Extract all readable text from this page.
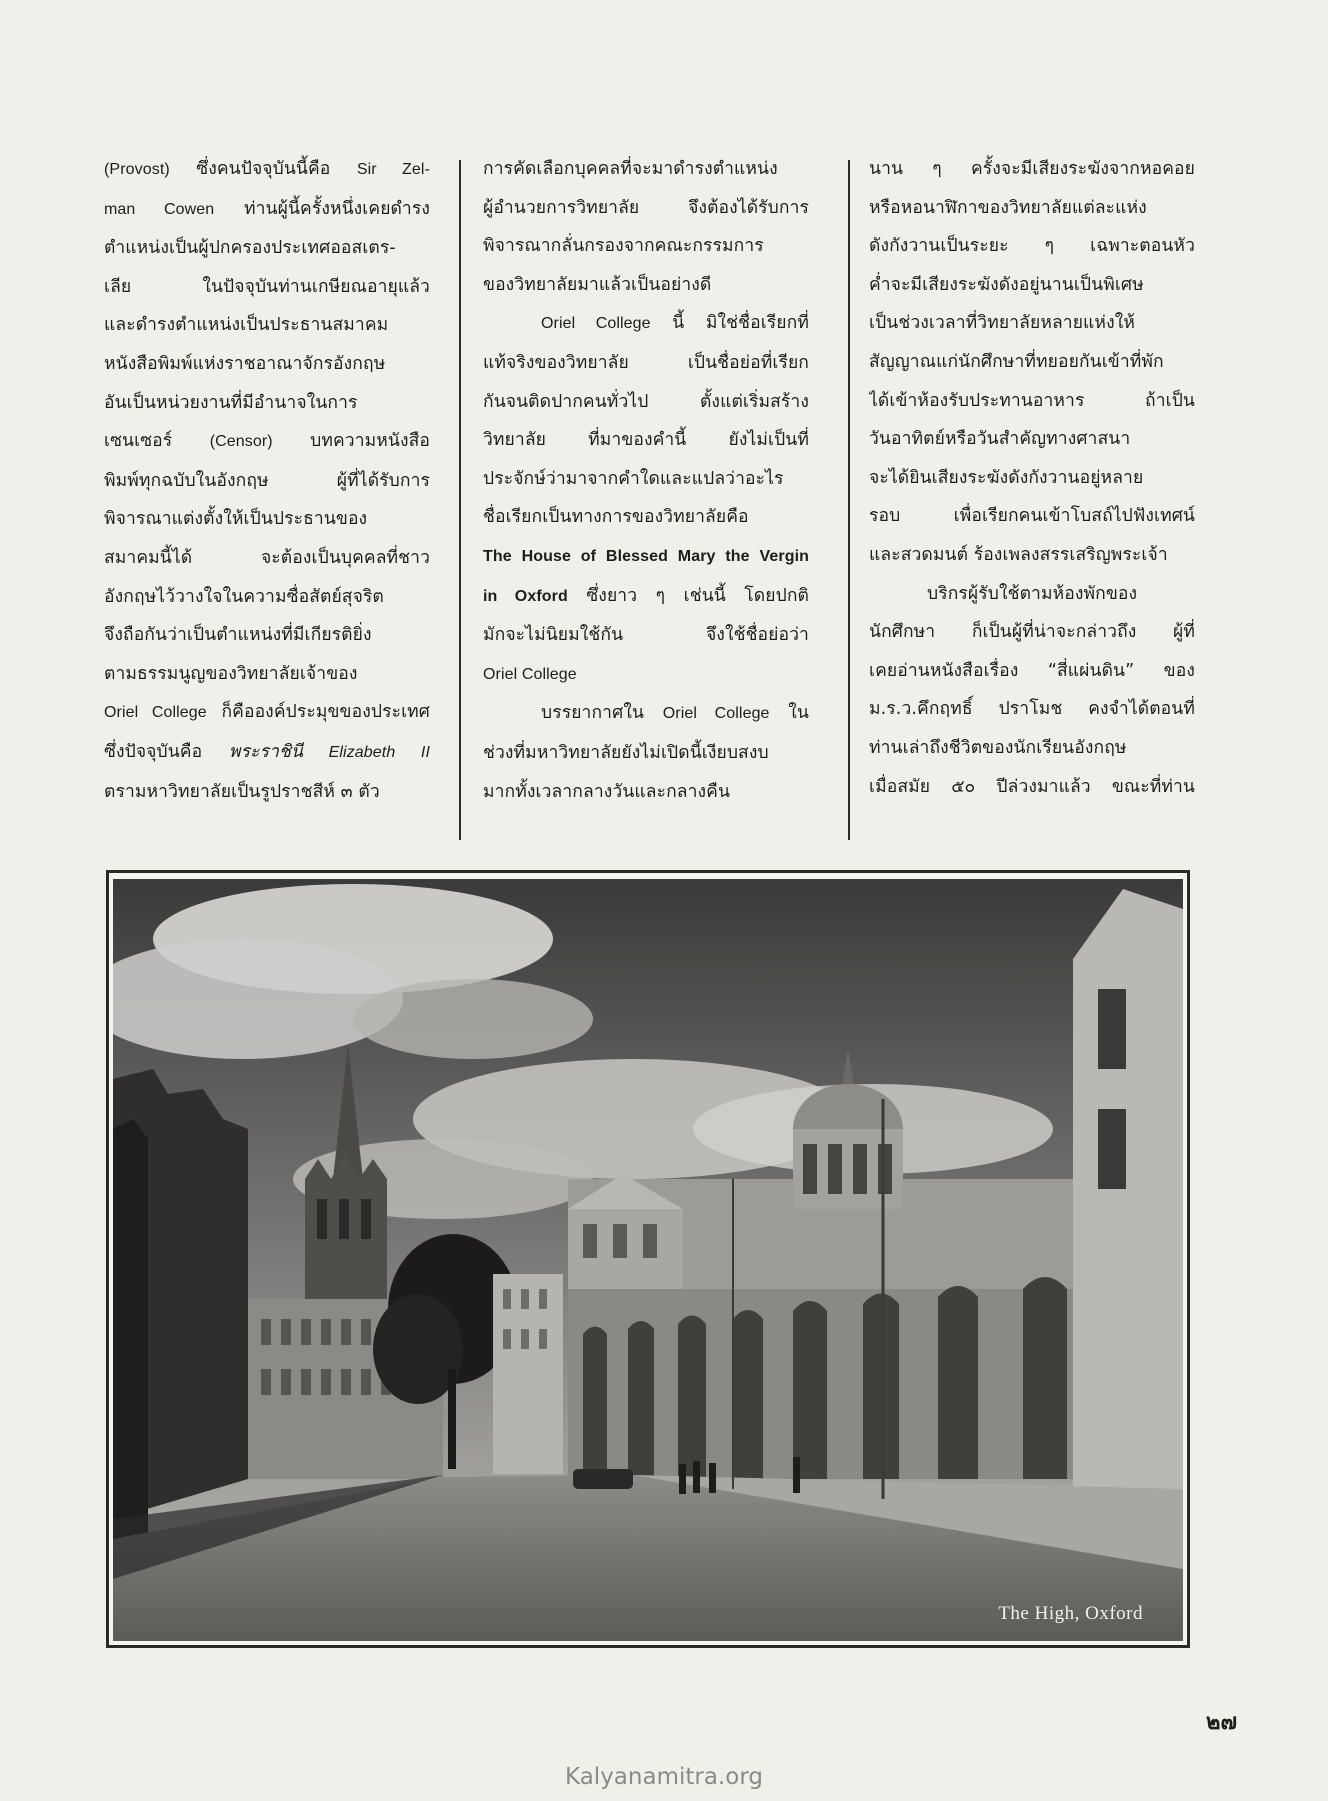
(Provost) ซึ่งคนปัจจุบันนี้คือ Sir Zel-
man Cowen ท่านผู้นี้ครั้งหนึ่งเคยดำรง
ตำแหน่งเป็นผู้ปกครองประเทศออสเตร-
เลีย ในปัจจุบันท่านเกษียณอายุแล้ว
และดำรงตำแหน่งเป็นประธานสมาคม
หนังสือพิมพ์แห่งราชอาณาจักรอังกฤษ
อันเป็นหน่วยงานที่มีอำนาจในการ
เซนเซอร์ (Censor) บทความหนังสือ
พิมพ์ทุกฉบับในอังกฤษ ผู้ที่ได้รับการ
พิจารณาแต่งตั้งให้เป็นประธานของ
สมาคมนี้ได้ จะต้องเป็นบุคคลที่ชาว
อังกฤษไว้วางใจในความซื่อสัตย์สุจริต
จึงถือกันว่าเป็นตำแหน่งที่มีเกียรติยิ่ง
ตามธรรมนูญของวิทยาลัยเจ้าของ
Oriel College ก็คือองค์ประมุขของประเทศ
ซึ่งปัจจุบันคือ พระราชินี Elizabeth II
ตรามหาวิทยาลัยเป็นรูปราชสีห์ ๓ ตัว
การคัดเลือกบุคคลที่จะมาดำรงตำแหน่ง
ผู้อำนวยการวิทยาลัย จึงต้องได้รับการ
พิจารณากลั่นกรองจากคณะกรรมการ
ของวิทยาลัยมาแล้วเป็นอย่างดี
Oriel College นี้ มิใช่ชื่อเรียกที่
แท้จริงของวิทยาลัย เป็นชื่อย่อที่เรียก
กันจนติดปากคนทั่วไป ตั้งแต่เริ่มสร้าง
วิทยาลัย ที่มาของคำนี้ ยังไม่เป็นที่
ประจักษ์ว่ามาจากคำใดและแปลว่าอะไร
ชื่อเรียกเป็นทางการของวิทยาลัยคือ
The House of Blessed Mary the Vergin
in Oxford ซึ่งยาว ๆ เช่นนี้ โดยปกติ
มักจะไม่นิยมใช้กัน จึงใช้ชื่อย่อว่า
Oriel College
บรรยากาศใน Oriel College ใน
ช่วงที่มหาวิทยาลัยยังไม่เปิดนี้เงียบสงบ
มากทั้งเวลากลางวันและกลางคืน
นาน ๆ ครั้งจะมีเสียงระฆังจากหอคอย
หรือหอนาฬิกาของวิทยาลัยแต่ละแห่ง
ดังกังวานเป็นระยะ ๆ เฉพาะตอนหัว
ค่ำจะมีเสียงระฆังดังอยู่นานเป็นพิเศษ
เป็นช่วงเวลาที่วิทยาลัยหลายแห่งให้
สัญญาณแก่นักศึกษาที่ทยอยกันเข้าที่พัก
ได้เข้าห้องรับประทานอาหาร ถ้าเป็น
วันอาทิตย์หรือวันสำคัญทางศาสนา
จะได้ยินเสียงระฆังดังกังวานอยู่หลาย
รอบ เพื่อเรียกคนเข้าโบสถ์ไปฟังเทศน์
และสวดมนต์ ร้องเพลงสรรเสริญพระเจ้า
บริกรผู้รับใช้ตามห้องพักของ
นักศึกษา ก็เป็นผู้ที่น่าจะกล่าวถึง ผู้ที่
เคยอ่านหนังสือเรื่อง “สี่แผ่นดิน” ของ
ม.ร.ว.คึกฤทธิ์ ปราโมช คงจำได้ตอนที่
ท่านเล่าถึงชีวิตของนักเรียนอังกฤษ
เมื่อสมัย ๕๐ ปีล่วงมาแล้ว ขณะที่ท่าน
The High, Oxford
๒๗
Kalyanamitra.org
